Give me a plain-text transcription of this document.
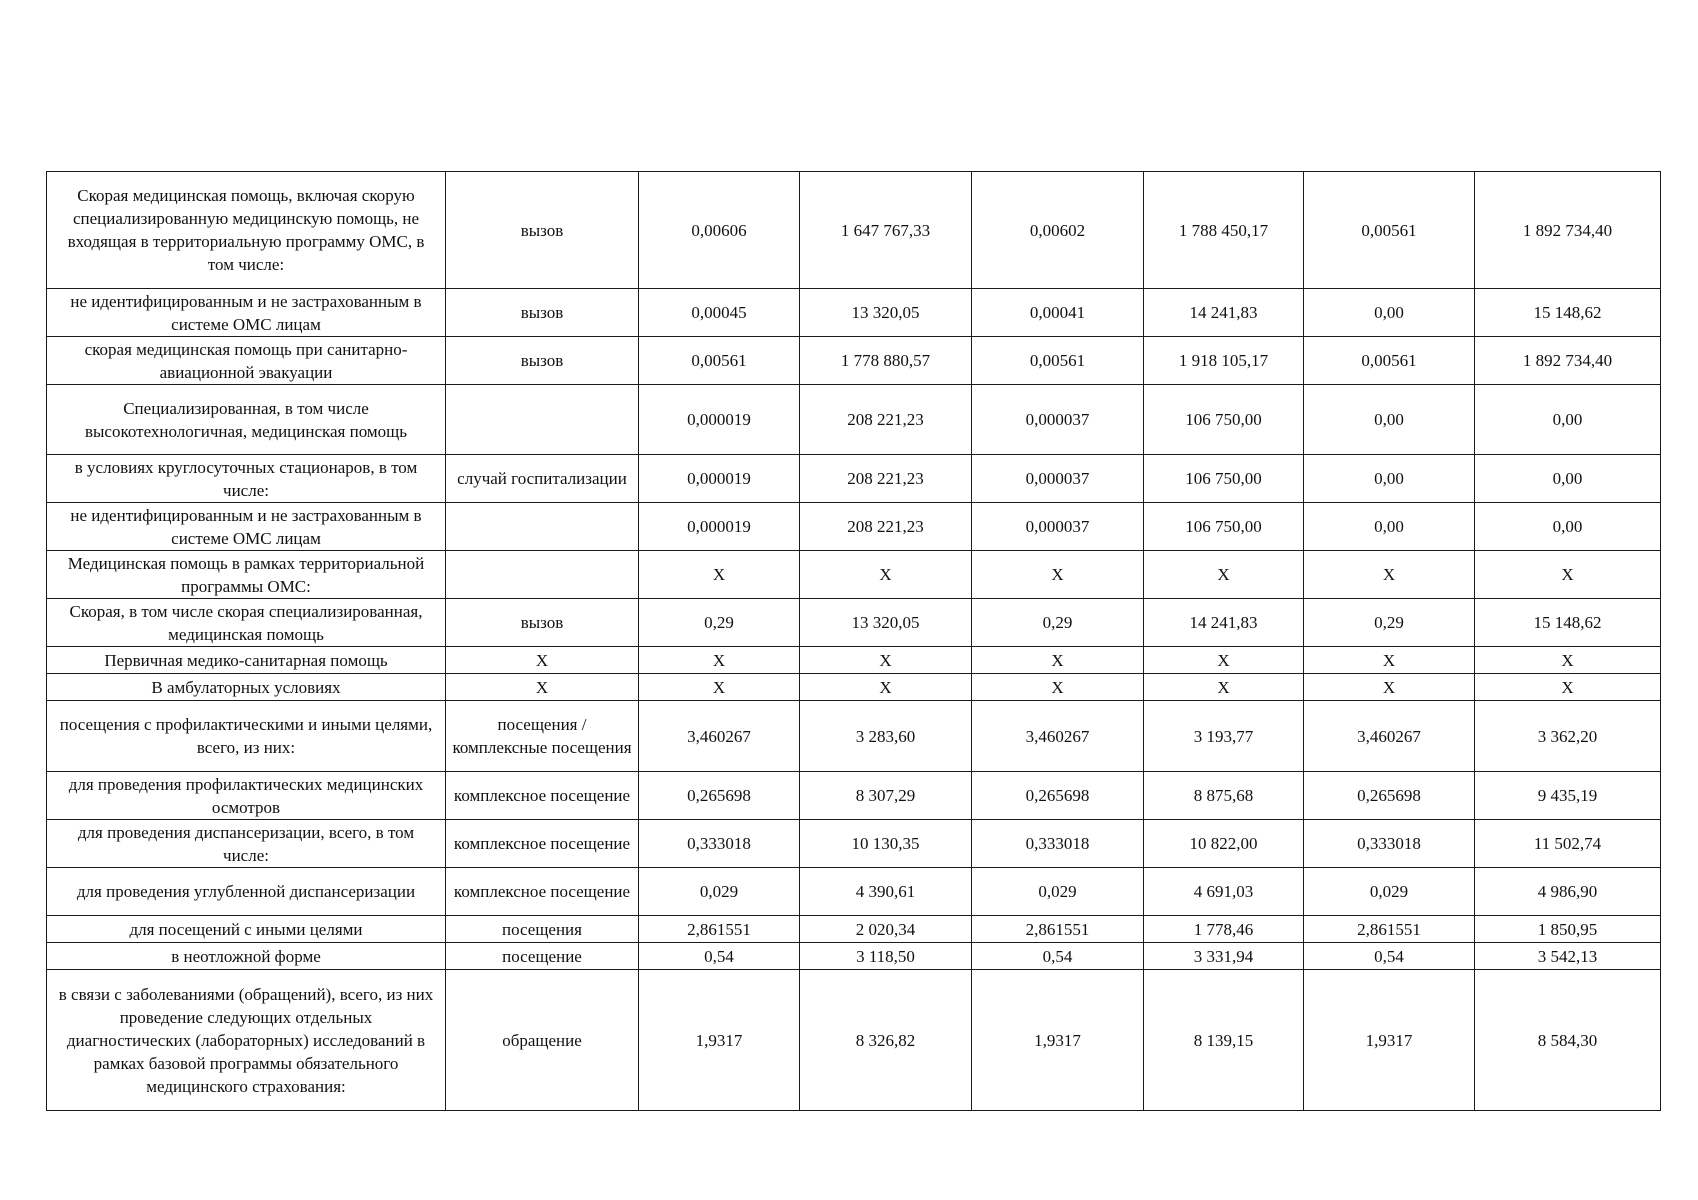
Скорая медицинская помощь, включая скорую специализированную медицинскую помощь, не входящая в территориальную программу ОМС, в том числе:	вызов	0,00606	1 647 767,33	0,00602	1 788 450,17	0,00561	1 892 734,40
не идентифицированным и не застрахованным в системе ОМС лицам	вызов	0,00045	13 320,05	0,00041	14 241,83	0,00	15 148,62
скорая медицинская помощь при санитарно-авиационной эвакуации	вызов	0,00561	1 778 880,57	0,00561	1 918 105,17	0,00561	1 892 734,40
Специализированная, в том числе высокотехнологичная, медицинская помощь		0,000019	208 221,23	0,000037	106 750,00	0,00	0,00
в условиях круглосуточных стационаров, в том числе:	случай госпитализации	0,000019	208 221,23	0,000037	106 750,00	0,00	0,00
не идентифицированным и не застрахованным в системе ОМС лицам		0,000019	208 221,23	0,000037	106 750,00	0,00	0,00
Медицинская помощь в рамках территориальной программы ОМС:		X	X	X	X	X	X
Скорая, в том числе скорая специализированная, медицинская помощь	вызов	0,29	13 320,05	0,29	14 241,83	0,29	15 148,62
Первичная медико-санитарная помощь	X	X	X	X	X	X	X
В амбулаторных условиях	X	X	X	X	X	X	X
посещения с профилактическими и иными целями, всего, из них:	посещения / комплексные посещения	3,460267	3 283,60	3,460267	3 193,77	3,460267	3 362,20
для проведения профилактических медицинских осмотров	комплексное посещение	0,265698	8 307,29	0,265698	8 875,68	0,265698	9 435,19
для проведения диспансеризации, всего, в том числе:	комплексное посещение	0,333018	10 130,35	0,333018	10 822,00	0,333018	11 502,74
для проведения углубленной диспансеризации	комплексное посещение	0,029	4 390,61	0,029	4 691,03	0,029	4 986,90
для посещений с иными целями	посещения	2,861551	2 020,34	2,861551	1 778,46	2,861551	1 850,95
в неотложной форме	посещение	0,54	3 118,50	0,54	3 331,94	0,54	3 542,13
в связи с заболеваниями (обращений), всего, из них проведение следующих отдельных диагностических (лабораторных) исследований в рамках базовой программы обязательного медицинского страхования:	обращение	1,9317	8 326,82	1,9317	8 139,15	1,9317	8 584,30
